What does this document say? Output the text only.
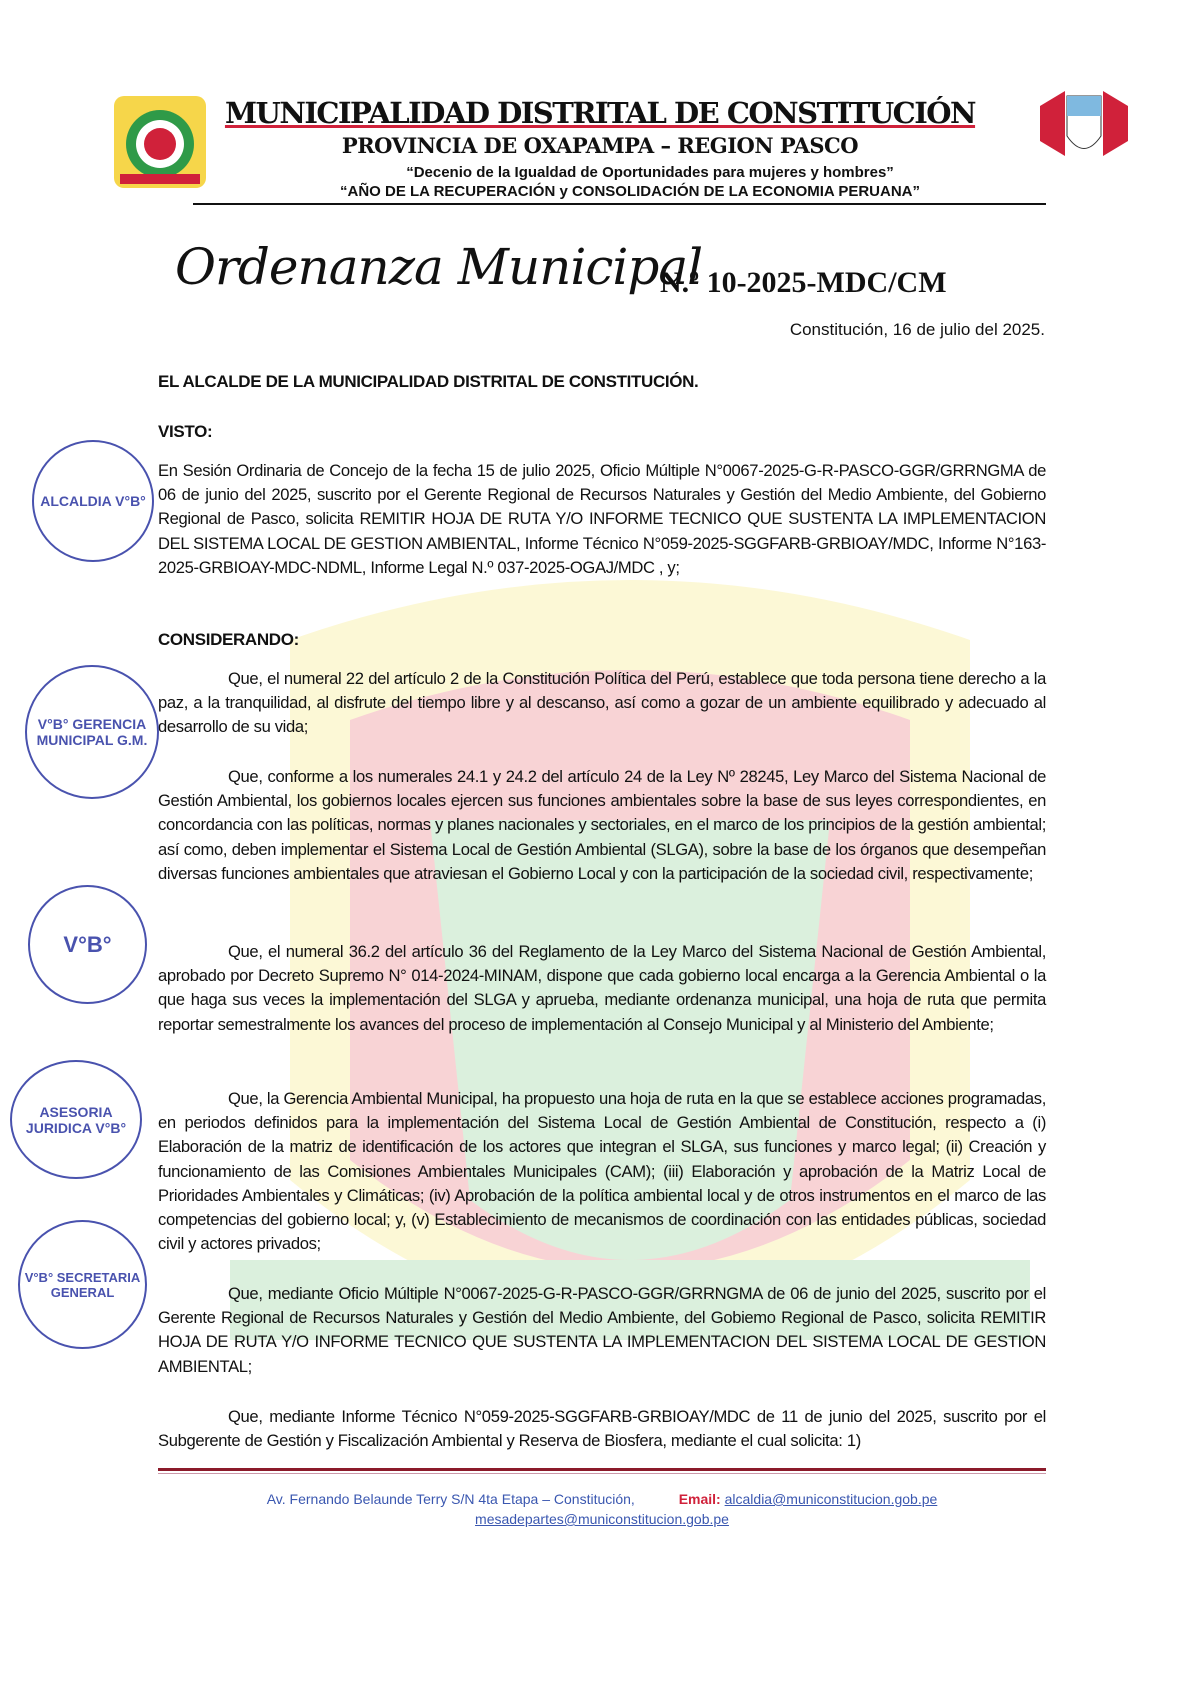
MUNICIPALIDAD DISTRITAL DE CONSTITUCIÓN
PROVINCIA DE OXAPAMPA – REGION PASCO
“Decenio de la Igualdad de Oportunidades para mujeres y hombres”
“AÑO DE LA RECUPERACIÓN y CONSOLIDACIÓN DE LA ECONOMIA PERUANA”
Ordenanza Municipal
N.º 10-2025-MDC/CM
Constitución, 16 de julio del 2025.
EL ALCALDE DE LA MUNICIPALIDAD DISTRITAL DE CONSTITUCIÓN.
VISTO:

En Sesión Ordinaria de Concejo de la fecha 15 de julio 2025, Oficio Múltiple N°0067-2025-G-R-PASCO-GGR/GRRNGMA de 06 de junio del 2025, suscrito por el Gerente Regional de Recursos Naturales y Gestión del Medio Ambiente, del Gobierno Regional de Pasco, solicita REMITIR HOJA DE RUTA Y/O INFORME TECNICO QUE SUSTENTA LA IMPLEMENTACION DEL SISTEMA LOCAL DE GESTION AMBIENTAL, Informe Técnico N°059-2025-SGGFARB-GRBIOAY/MDC, Informe N°163-2025-GRBIOAY-MDC-NDML, Informe Legal N.º 037-2025-OGAJ/MDC , y;

CONSIDERANDO:

Que, el numeral 22 del artículo 2 de la Constitución Política del Perú, establece que toda persona tiene derecho a la paz, a la tranquilidad, al disfrute del tiempo libre y al descanso, así como a gozar de un ambiente equilibrado y adecuado al desarrollo de su vida;

Que, conforme a los numerales 24.1 y 24.2 del artículo 24 de la Ley Nº 28245, Ley Marco del Sistema Nacional de Gestión Ambiental, los gobiernos locales ejercen sus funciones ambientales sobre la base de sus leyes correspondientes, en concordancia con las políticas, normas y planes nacionales y sectoriales, en el marco de los principios de la gestión ambiental; así como, deben implementar el Sistema Local de Gestión Ambiental (SLGA), sobre la base de los órganos que desempeñan diversas funciones ambientales que atraviesan el Gobierno Local y con la participación de la sociedad civil, respectivamente;

Que, el numeral 36.2 del artículo 36 del Reglamento de la Ley Marco del Sistema Nacional de Gestión Ambiental, aprobado por Decreto Supremo N° 014-2024-MINAM, dispone que cada gobierno local encarga a la Gerencia Ambiental o la que haga sus veces la implementación del SLGA y aprueba, mediante ordenanza municipal, una hoja de ruta que permita reportar semestralmente los avances del proceso de implementación al Consejo Municipal y al Ministerio del Ambiente;

Que, la Gerencia Ambiental Municipal, ha propuesto una hoja de ruta en la que se establece acciones programadas, en periodos definidos para la implementación del Sistema Local de Gestión Ambiental de Constitución, respecto a (i) Elaboración de la matriz de identificación de los actores que integran el SLGA, sus funciones y marco legal; (ii) Creación y funcionamiento de las Comisiones Ambientales Municipales (CAM); (iii) Elaboración y aprobación de la Matriz Local de Prioridades Ambientales y Climáticas; (iv) Aprobación de la política ambiental local y de otros instrumentos en el marco de las competencias del gobierno local; y, (v) Establecimiento de mecanismos de coordinación con las entidades públicas, sociedad civil y actores privados;

Que, mediante Oficio Múltiple N°0067-2025-G-R-PASCO-GGR/GRRNGMA de 06 de junio del 2025, suscrito por el Gerente Regional de Recursos Naturales y Gestión del Medio Ambiente, del Gobiemo Regional de Pasco, solicita REMITIR HOJA DE RUTA Y/O INFORME TECNICO QUE SUSTENTA LA IMPLEMENTACION DEL SISTEMA LOCAL DE GESTION AMBIENTAL;

Que, mediante Informe Técnico N°059-2025-SGGFARB-GRBIOAY/MDC de 11 de junio del 2025, suscrito por el Subgerente de Gestión y Fiscalización Ambiental y Reserva de Biosfera, mediante el cual solicita: 1)

ALCALDIA V°B°
V°B° GERENCIA MUNICIPAL G.M.
V°B°
ASESORIA JURIDICA V°B°
V°B° SECRETARIA GENERAL
Av. Fernando Belaunde Terry S/N 4ta Etapa – Constitución,	Email: alcaldia@municonstitucion.gob.pe
mesadepartes@municonstitucion.gob.pe
